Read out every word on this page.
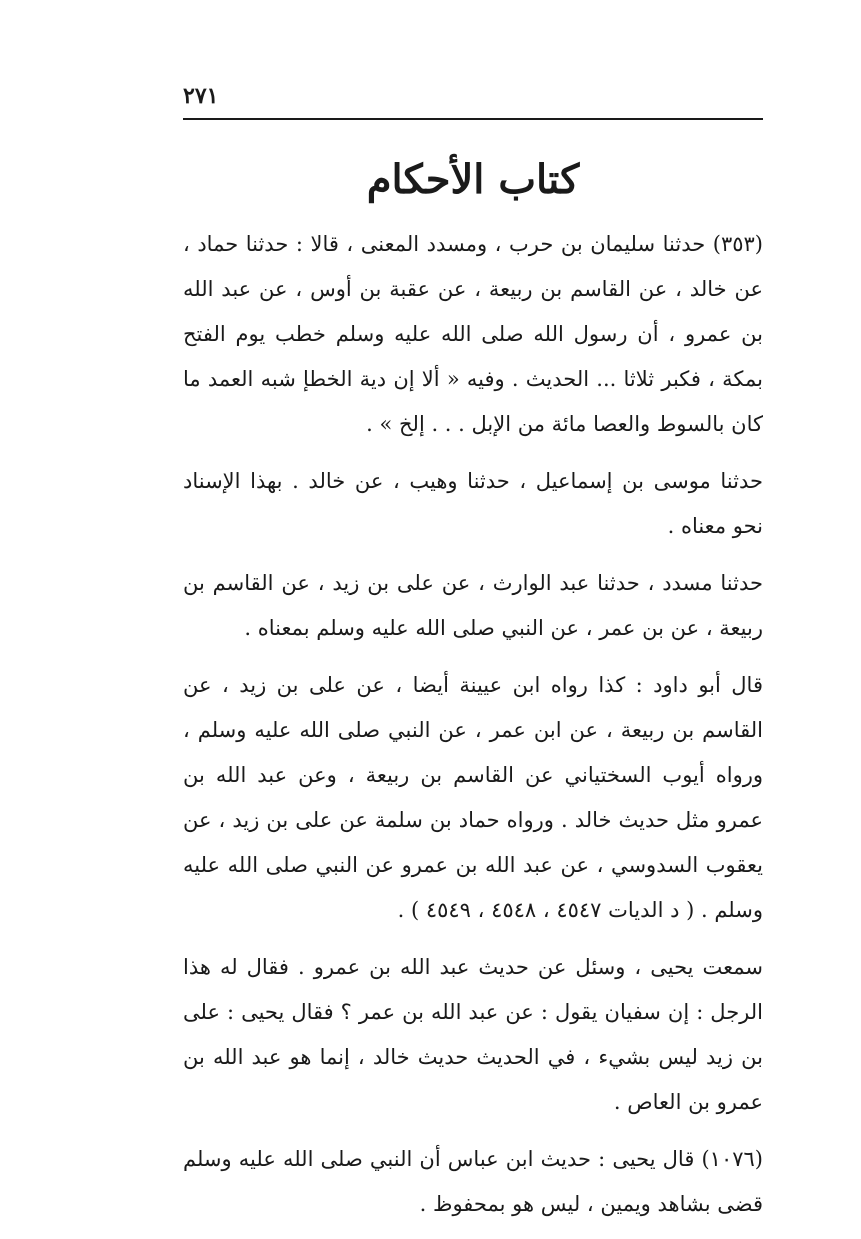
٢٧١
كتاب الأحكام

(٣٥٣) حدثنا سليمان بن حرب ، ومسدد المعنى ، قالا : حدثنا حماد ، عن خالد ، عن القاسم بن ربيعة ، عن عقبة بن أوس ، عن عبد الله بن عمرو ، أن رسول الله صلى الله عليه وسلم خطب يوم الفتح بمكة ، فكبر ثلاثا ... الحديث . وفيه « ألا إن دية الخطإ شبه العمد ما كان بالسوط والعصا مائة من الإبل . . . إلخ » .

حدثنا موسى بن إسماعيل ، حدثنا وهيب ، عن خالد . بهذا الإسناد نحو معناه .

حدثنا مسدد ، حدثنا عبد الوارث ، عن على بن زيد ، عن القاسم بن ربيعة ، عن بن عمر ، عن النبي صلى الله عليه وسلم بمعناه .

قال أبو داود : كذا رواه ابن عيينة أيضا ، عن على بن زيد ، عن القاسم بن ربيعة ، عن ابن عمر ، عن النبي صلى الله عليه وسلم ، ورواه أيوب السختياني عن القاسم بن ربيعة ، وعن عبد الله بن عمرو مثل حديث خالد . ورواه حماد بن سلمة عن على بن زيد ، عن يعقوب السدوسي ، عن عبد الله بن عمرو عن النبي صلى الله عليه وسلم . ( د الديات ٤٥٤٧ ، ٤٥٤٨ ، ٤٥٤٩ ) .

سمعت يحيى ، وسئل عن حديث عبد الله بن عمرو . فقال له هذا الرجل : إن سفيان يقول : عن عبد الله بن عمر ؟ فقال يحيى : على بن زيد ليس بشيء ، في الحديث حديث خالد ، إنما هو عبد الله بن عمرو بن العاص .

(١٠٧٦) قال يحيى : حديث ابن عباس أن النبي صلى الله عليه وسلم قضى بشاهد ويمين ، ليس هو بمحفوظ .
